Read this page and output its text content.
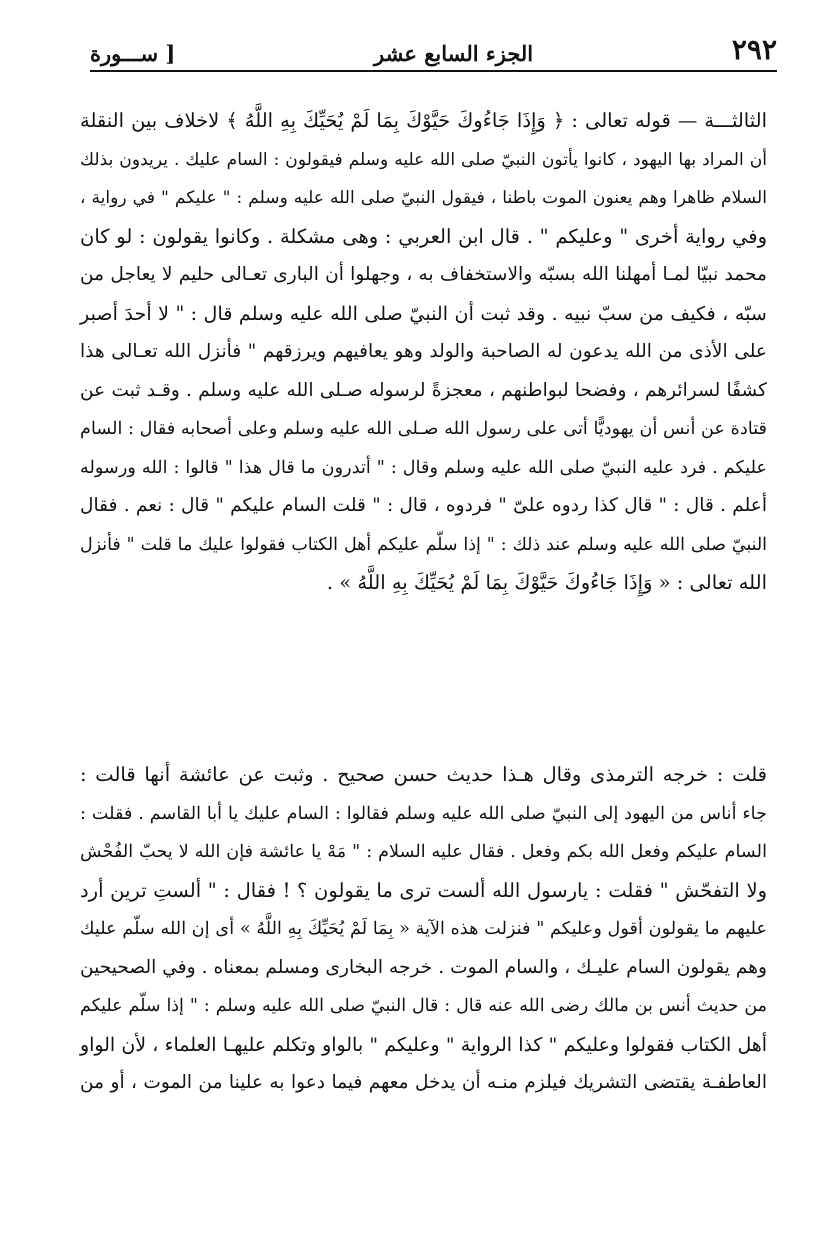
٢٩٢
الجزء السابع عشر
[ ســـورة
الثالثـــة — قوله تعالى : ﴿ وَإِذَا جَاءُوكَ حَيَّوْكَ بِمَا لَمْ يُحَيِّكَ بِهِ اللَّهُ ﴾ لاخلاف بين النقلة
أن المراد بها اليهود ، كانوا يأتون النبيّ صلى الله عليه وسلم فيقولون : السام عليك . يريدون بذلك
السلام ظاهرا وهم يعنون الموت باطنا ، فيقول النبيّ صلى الله عليه وسلم : " عليكم " في رواية ،
وفي رواية أخرى " وعليكم " . قال ابن العربي : وهى مشكلة . وكانوا يقولون : لو كان
محمد نبيّا لمـا أمهلنا الله بسبّه والاستخفاف به ، وجهلوا أن البارى تعـالى حليم لا يعاجل من
سبّه ، فكيف من سبّ نبيه . وقد ثبت أن النبيّ صلى الله عليه وسلم قال : " لا أحدَ أصبر
على الأذى من الله يدعون له الصاحبة والولد وهو يعافيهم ويرزقهم " فأنزل الله تعـالى هذا
كشفًا لسرائرهم ، وفضحا لبواطنهم ، معجزةً لرسوله صـلى الله عليه وسلم . وقـد ثبت عن
قتادة عن أنس أن يهوديًّا أتى على رسول الله صـلى الله عليه وسلم وعلى أصحابه فقال : السام
عليكم . فرد عليه النبيّ صلى الله عليه وسلم وقال : " أتدرون ما قال هذا " قالوا : الله ورسوله
أعلم . قال : " قال كذا ردوه علىّ " فردوه ، قال : " قلت السام عليكم " قال : نعم . فقال
النبيّ صلى الله عليه وسلم عند ذلك : " إذا سلّم عليكم أهل الكتاب فقولوا عليك ما قلت " فأنزل
الله تعالى : « وَإِذَا جَاءُوكَ حَيَّوْكَ بِمَا لَمْ يُحَيِّكَ بِهِ اللَّهُ » .
قلت : خرجه الترمذى وقال هـذا حديث حسن صحيح . وثبت عن عائشة أنها قالت :
جاء أناس من اليهود إلى النبيّ صلى الله عليه وسلم فقالوا : السام عليك يا أبا القاسم . فقلت :
السام عليكم وفعل الله بكم وفعل . فقال عليه السلام : " مَهْ يا عائشة فإن الله لا يحبّ الفُحْش
ولا التفحّش " فقلت : يارسول الله ألست ترى ما يقولون ؟ ! فقال : " ألستِ ترين أرد
عليهم ما يقولون أقول وعليكم " فنزلت هذه الآية « بِمَا لَمْ يُحَيِّكَ بِهِ اللَّهُ » أى إن الله سلّم عليك
وهم يقولون السام عليـك ، والسام الموت . خرجه البخارى ومسلم بمعناه . وفي الصحيحين
من حديث أنس بن مالك رضى الله عنه قال : قال النبيّ صلى الله عليه وسلم : " إذا سلّم عليكم
أهل الكتاب فقولوا وعليكم " كذا الرواية " وعليكم " بالواو وتكلم عليهـا العلماء ، لأن الواو
العاطفـة يقتضى التشريك فيلزم منـه أن يدخل معهم فيما دعوا به علينا من الموت ، أو من
